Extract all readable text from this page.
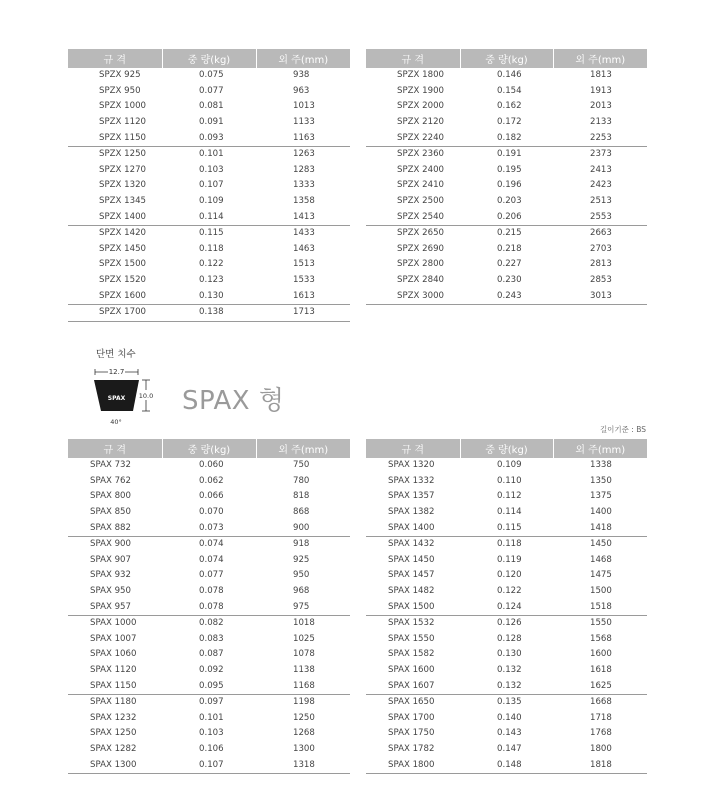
규 격	중 량(kg)	외 주(mm)
SPZX 925	0.075	938
SPZX 950	0.077	963
SPZX 1000	0.081	1013
SPZX 1120	0.091	1133
SPZX 1150	0.093	1163
SPZX 1250	0.101	1263
SPZX 1270	0.103	1283
SPZX 1320	0.107	1333
SPZX 1345	0.109	1358
SPZX 1400	0.114	1413
SPZX 1420	0.115	1433
SPZX 1450	0.118	1463
SPZX 1500	0.122	1513
SPZX 1520	0.123	1533
SPZX 1600	0.130	1613
SPZX 1700	0.138	1713
규 격	중 량(kg)	외 주(mm)
SPZX 1800	0.146	1813
SPZX 1900	0.154	1913
SPZX 2000	0.162	2013
SPZX 2120	0.172	2133
SPZX 2240	0.182	2253
SPZX 2360	0.191	2373
SPZX 2400	0.195	2413
SPZX 2410	0.196	2423
SPZX 2500	0.203	2513
SPZX 2540	0.206	2553
SPZX 2650	0.215	2663
SPZX 2690	0.218	2703
SPZX 2800	0.227	2813
SPZX 2840	0.230	2853
SPZX 3000	0.243	3013
단면 치수
12.7
SPAX 10.0
40°
SPAX 형
길이기준 : BS
규 격	중 량(kg)	외 주(mm)
SPAX 732	0.060	750
SPAX 762	0.062	780
SPAX 800	0.066	818
SPAX 850	0.070	868
SPAX 882	0.073	900
SPAX 900	0.074	918
SPAX 907	0.074	925
SPAX 932	0.077	950
SPAX 950	0.078	968
SPAX 957	0.078	975
SPAX 1000	0.082	1018
SPAX 1007	0.083	1025
SPAX 1060	0.087	1078
SPAX 1120	0.092	1138
SPAX 1150	0.095	1168
SPAX 1180	0.097	1198
SPAX 1232	0.101	1250
SPAX 1250	0.103	1268
SPAX 1282	0.106	1300
SPAX 1300	0.107	1318
규 격	중 량(kg)	외 주(mm)
SPAX 1320	0.109	1338
SPAX 1332	0.110	1350
SPAX 1357	0.112	1375
SPAX 1382	0.114	1400
SPAX 1400	0.115	1418
SPAX 1432	0.118	1450
SPAX 1450	0.119	1468
SPAX 1457	0.120	1475
SPAX 1482	0.122	1500
SPAX 1500	0.124	1518
SPAX 1532	0.126	1550
SPAX 1550	0.128	1568
SPAX 1582	0.130	1600
SPAX 1600	0.132	1618
SPAX 1607	0.132	1625
SPAX 1650	0.135	1668
SPAX 1700	0.140	1718
SPAX 1750	0.143	1768
SPAX 1782	0.147	1800
SPAX 1800	0.148	1818
